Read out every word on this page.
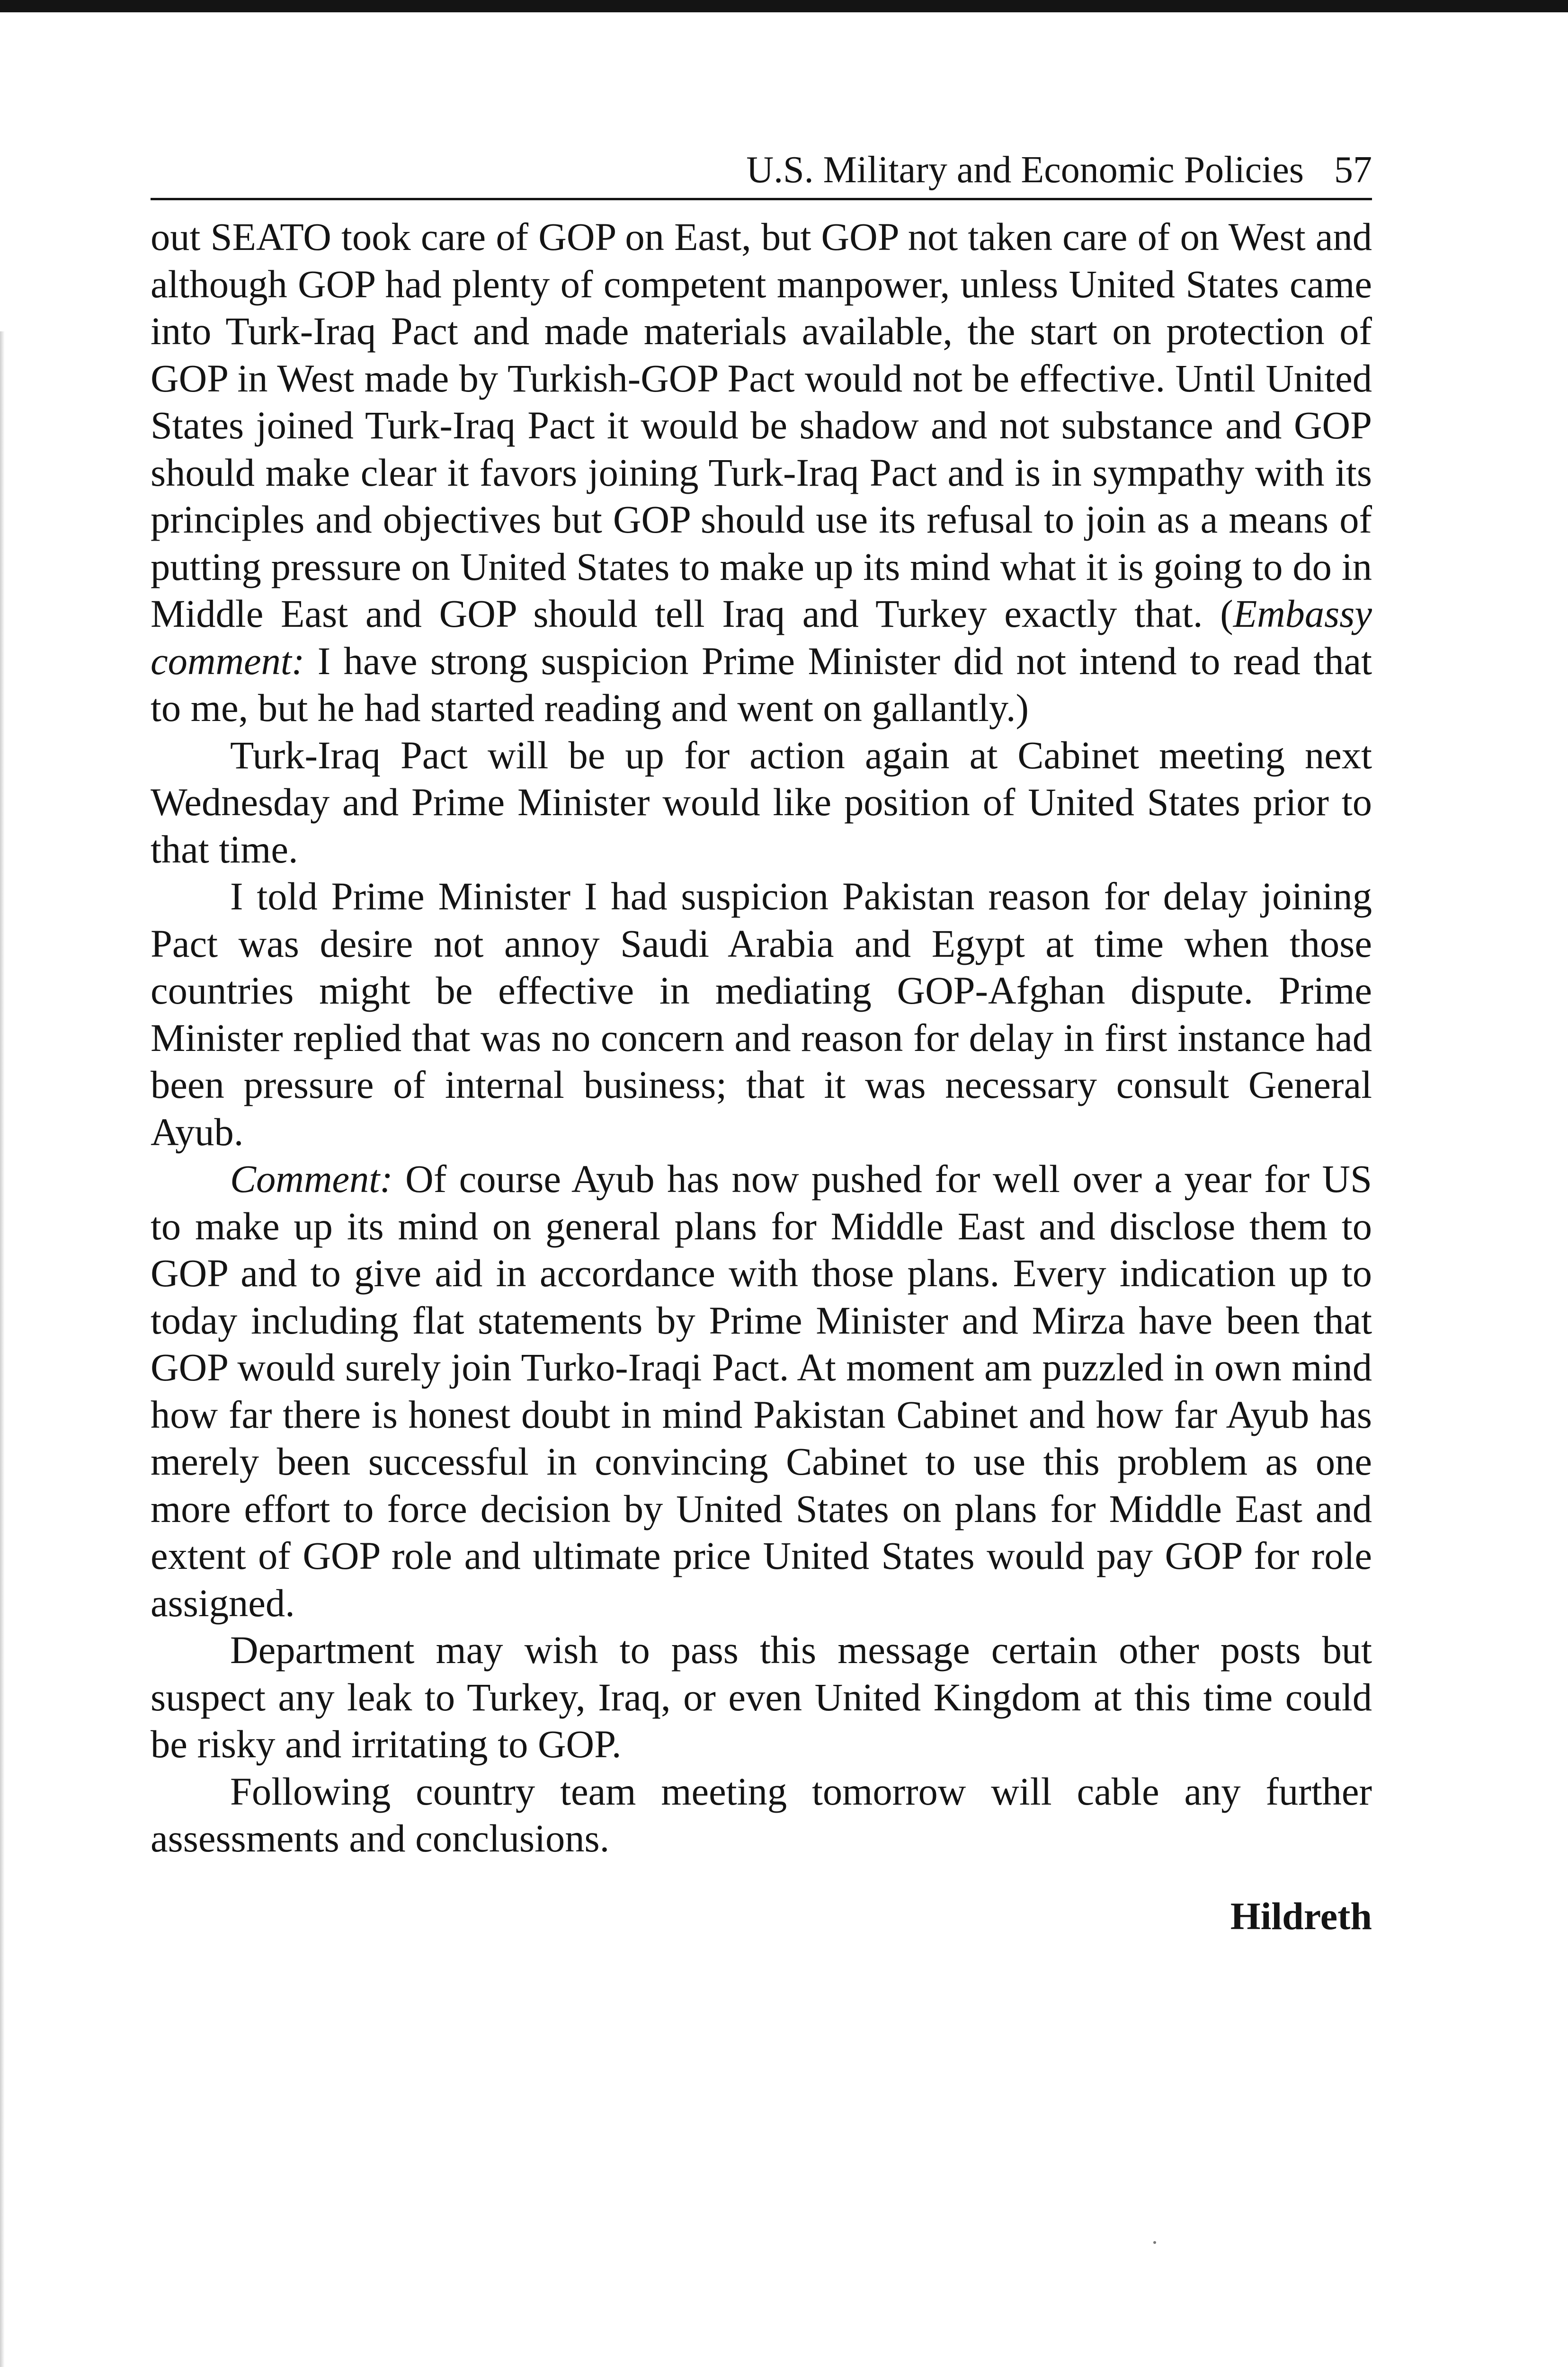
U.S. Military and Economic Policies 57

out SEATO took care of GOP on East, but GOP not taken care of on West and although GOP had plenty of competent manpower, unless United States came into Turk-Iraq Pact and made materials available, the start on protection of GOP in West made by Turkish-GOP Pact would not be effective. Until United States joined Turk-Iraq Pact it would be shadow and not substance and GOP should make clear it favors joining Turk-Iraq Pact and is in sympathy with its principles and objectives but GOP should use its refusal to join as a means of putting pressure on United States to make up its mind what it is going to do in Middle East and GOP should tell Iraq and Turkey exactly that. (Embassy comment: I have strong suspicion Prime Minister did not intend to read that to me, but he had started reading and went on gallantly.)

Turk-Iraq Pact will be up for action again at Cabinet meeting next Wednesday and Prime Minister would like position of United States prior to that time.

I told Prime Minister I had suspicion Pakistan reason for delay joining Pact was desire not annoy Saudi Arabia and Egypt at time when those countries might be effective in mediating GOP-Afghan dispute. Prime Minister replied that was no concern and reason for delay in first instance had been pressure of internal business; that it was necessary consult General Ayub.

Comment: Of course Ayub has now pushed for well over a year for US to make up its mind on general plans for Middle East and disclose them to GOP and to give aid in accordance with those plans. Every indication up to today including flat statements by Prime Minister and Mirza have been that GOP would surely join Turko-Iraqi Pact. At moment am puzzled in own mind how far there is honest doubt in mind Pakistan Cabinet and how far Ayub has merely been successful in convincing Cabinet to use this problem as one more effort to force decision by United States on plans for Middle East and extent of GOP role and ultimate price United States would pay GOP for role assigned.

Department may wish to pass this message certain other posts but suspect any leak to Turkey, Iraq, or even United Kingdom at this time could be risky and irritating to GOP.

Following country team meeting tomorrow will cable any further assessments and conclusions.

Hildreth
